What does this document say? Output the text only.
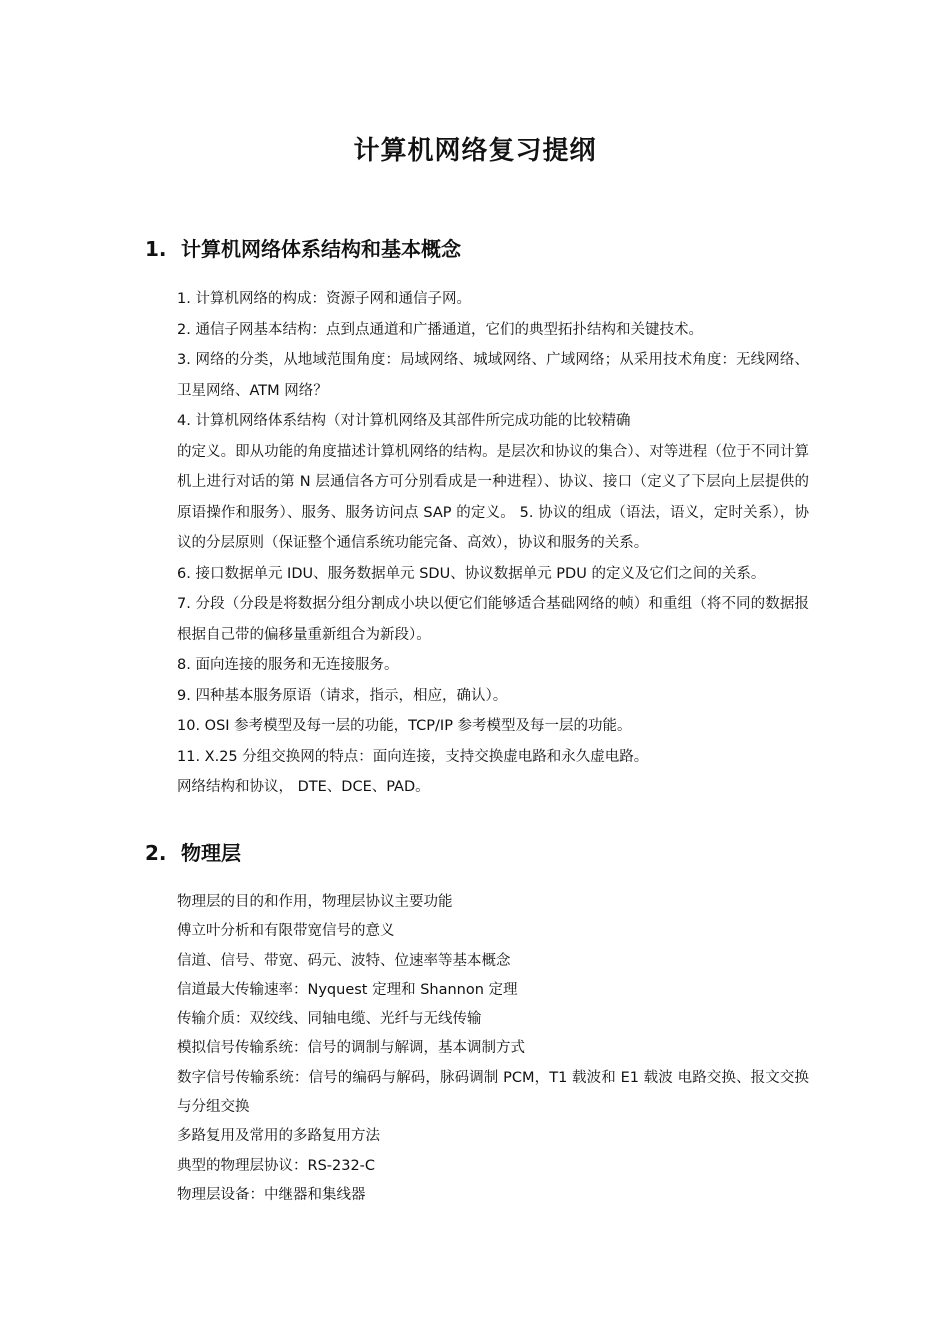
计算机网络复习提纲
1. 计算机网络体系结构和基本概念

1. 计算机网络的构成：资源子网和通信子网。

2. 通信子网基本结构：点到点通道和广播通道，它们的典型拓扑结构和关键技术。

3. 网络的分类，从地域范围角度：局域网络、城域网络、广域网络；从采用技术角度：无线网络、卫星网络、ATM 网络？

4. 计算机网络体系结构（对计算机网络及其部件所完成功能的比较精确

的定义。即从功能的角度描述计算机网络的结构。是层次和协议的集合）、对等进程（位于不同计算机上进行对话的第 N 层通信各方可分别看成是一种进程）、协议、接口（定义了下层向上层提供的原语操作和服务）、服务、服务访问点 SAP 的定义。 5. 协议的组成（语法，语义，定时关系），协议的分层原则（保证整个通信系统功能完备、高效），协议和服务的关系。

6. 接口数据单元 IDU、服务数据单元 SDU、协议数据单元 PDU 的定义及它们之间的关系。

7. 分段（分段是将数据分组分割成小块以便它们能够适合基础网络的帧）和重组（将不同的数据报根据自己带的偏移量重新组合为新段）。

8. 面向连接的服务和无连接服务。

9. 四种基本服务原语（请求，指示，相应，确认）。

10. OSI 参考模型及每一层的功能，TCP/IP 参考模型及每一层的功能。

11. X.25 分组交换网的特点：面向连接，支持交换虚电路和永久虚电路。

网络结构和协议， DTE、DCE、PAD。

2. 物理层

物理层的目的和作用，物理层协议主要功能

傅立叶分析和有限带宽信号的意义

信道、信号、带宽、码元、波特、位速率等基本概念

信道最大传输速率：Nyquest 定理和 Shannon 定理

传输介质：双绞线、同轴电缆、光纤与无线传输

模拟信号传输系统：信号的调制与解调，基本调制方式

数字信号传输系统：信号的编码与解码，脉码调制 PCM，T1 载波和 E1 载波 电路交换、报文交换与分组交换

多路复用及常用的多路复用方法

典型的物理层协议：RS-232-C

物理层设备：中继器和集线器
